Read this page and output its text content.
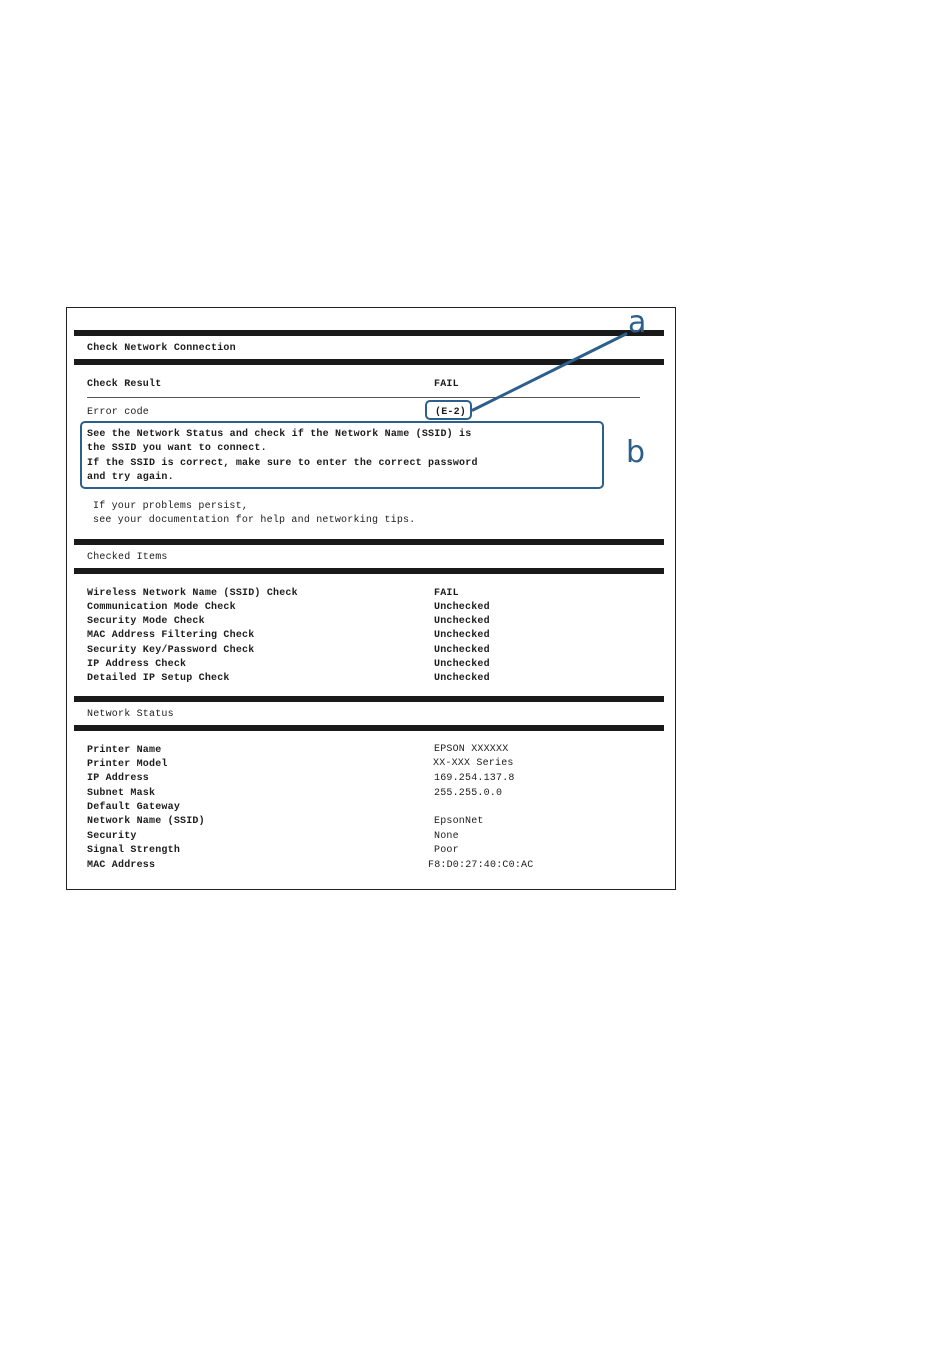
Check Network Connection
Check Result	FAIL
Error code	(E-2)
See the Network Status and check if the Network Name (SSID) is
the SSID you want to connect.
If the SSID is correct, make sure to enter the correct password
and try again.
If your problems persist,
see your documentation for help and networking tips.
Checked Items
Wireless Network Name (SSID) Check	FAIL
Communication Mode Check	Unchecked
Security Mode Check	Unchecked
MAC Address Filtering Check	Unchecked
Security Key/Password Check	Unchecked
IP Address Check	Unchecked
Detailed IP Setup Check	Unchecked
Network Status
Printer Name	EPSON XXXXXX
Printer Model	XX-XXX Series
IP Address	169.254.137.8
Subnet Mask	255.255.0.0
Default Gateway
Network Name (SSID)	EpsonNet
Security	None
Signal Strength	Poor
MAC Address	F8:D0:27:40:C0:AC
a
b
